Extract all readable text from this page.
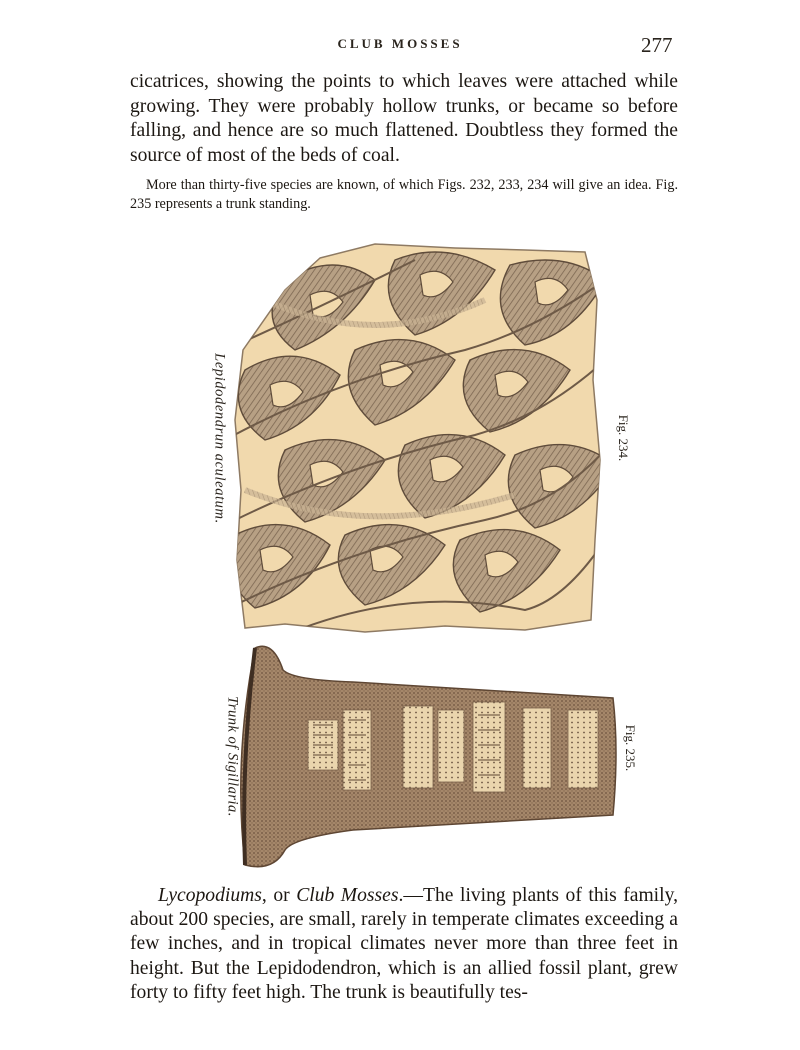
CLUB MOSSES	277

cicatrices, showing the points to which leaves were attached while growing. They were probably hollow trunks, or became so before falling, and hence are so much flattened. Doubtless they formed the source of most of the beds of coal.

More than thirty-five species are known, of which Figs. 232, 233, 234 will give an idea. Fig. 235 represents a trunk standing.

Lepidodendrun aculeatum.	Fig. 234.
Trunk of Sigillaria.	Fig. 235.

Lycopodiums, or Club Mosses.—The living plants of this family, about 200 species, are small, rarely in temperate climates exceeding a few inches, and in tropical climates never more than three feet in height. But the Lepidodendron, which is an allied fossil plant, grew forty to fifty feet high. The trunk is beautifully tes-
